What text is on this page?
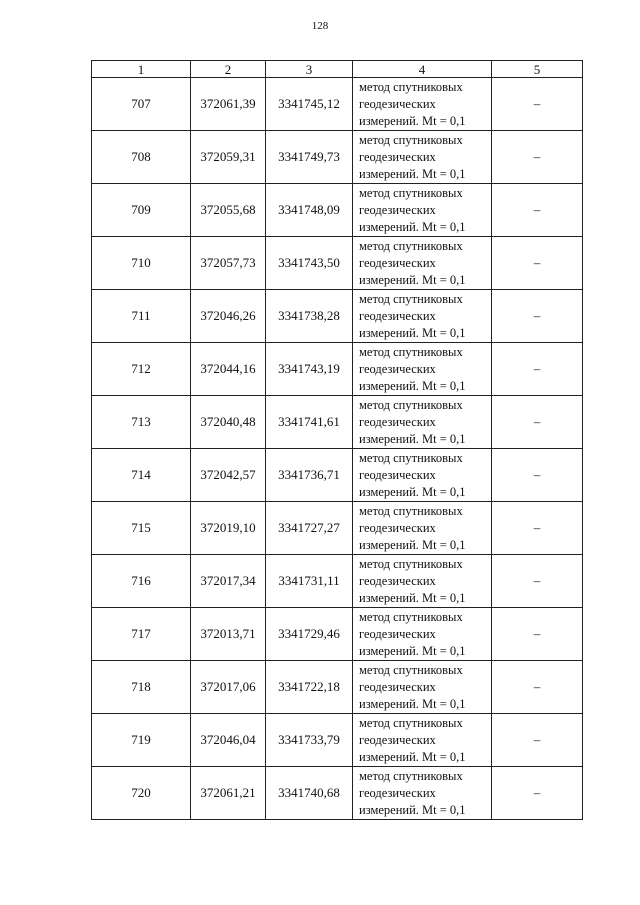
128
1	2	3	4	5
707	372061,39	3341745,12	метод спутниковых
геодезических
измерений. Mt = 0,1	–
708	372059,31	3341749,73	метод спутниковых
геодезических
измерений. Mt = 0,1	–
709	372055,68	3341748,09	метод спутниковых
геодезических
измерений. Mt = 0,1	–
710	372057,73	3341743,50	метод спутниковых
геодезических
измерений. Mt = 0,1	–
711	372046,26	3341738,28	метод спутниковых
геодезических
измерений. Mt = 0,1	–
712	372044,16	3341743,19	метод спутниковых
геодезических
измерений. Mt = 0,1	–
713	372040,48	3341741,61	метод спутниковых
геодезических
измерений. Mt = 0,1	–
714	372042,57	3341736,71	метод спутниковых
геодезических
измерений. Mt = 0,1	–
715	372019,10	3341727,27	метод спутниковых
геодезических
измерений. Mt = 0,1	–
716	372017,34	3341731,11	метод спутниковых
геодезических
измерений. Mt = 0,1	–
717	372013,71	3341729,46	метод спутниковых
геодезических
измерений. Mt = 0,1	–
718	372017,06	3341722,18	метод спутниковых
геодезических
измерений. Mt = 0,1	–
719	372046,04	3341733,79	метод спутниковых
геодезических
измерений. Mt = 0,1	–
720	372061,21	3341740,68	метод спутниковых
геодезических
измерений. Mt = 0,1	–
